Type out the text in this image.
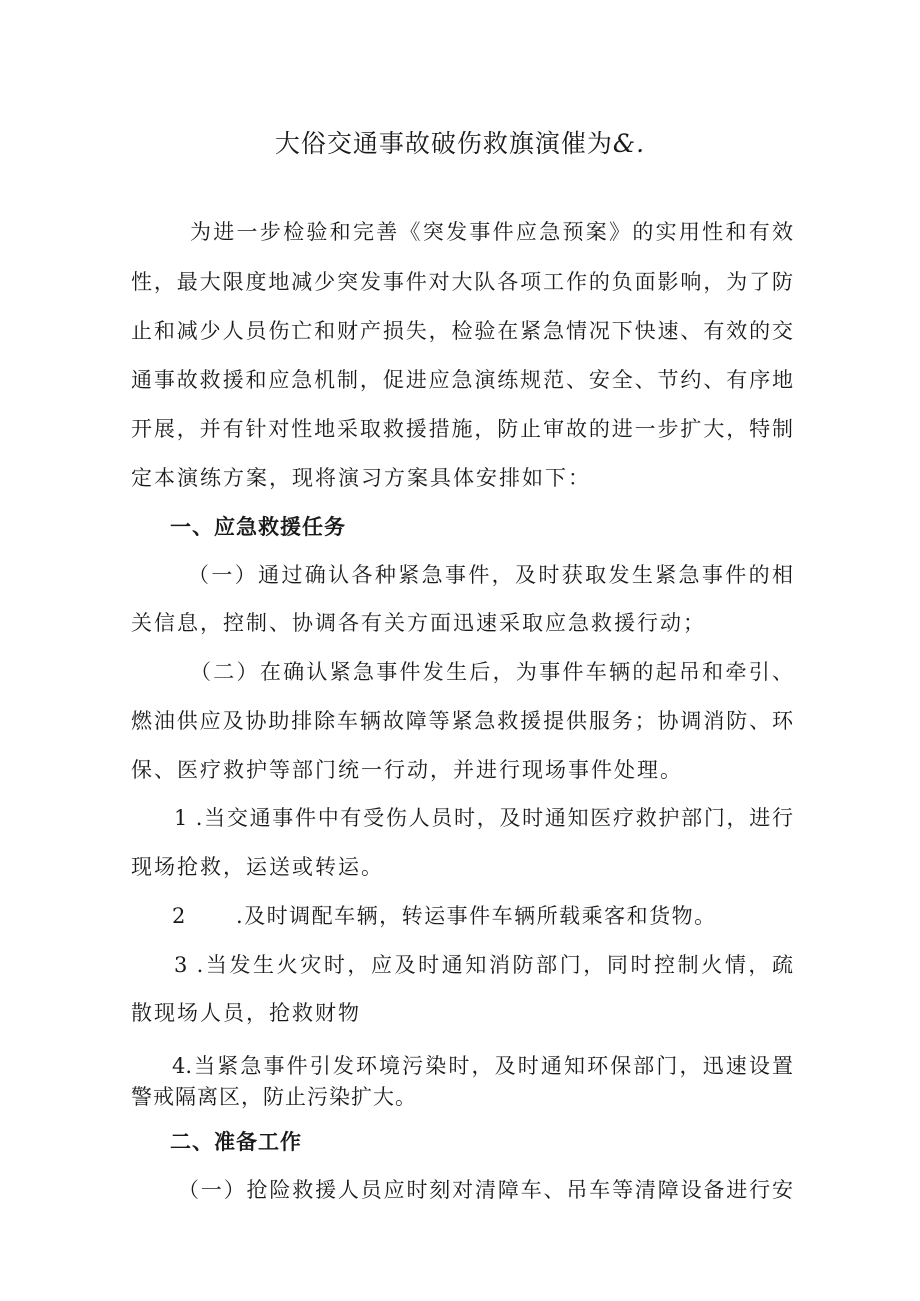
大俗交通事故破伤救旗演催为&.
为进一步检验和完善《突发事件应急预案》的实用性和有效
性，最大限度地减少突发事件对大队各项工作的负面影响，为了防
止和减少人员伤亡和财产损失，检验在紧急情况下快速、有效的交
通事故救援和应急机制，促进应急演练规范、安全、节约、有序地
开展，并有针对性地采取救援措施，防止审故的进一步扩大，特制
定本演练方案，现将演习方案具体安排如下：
一、应急救援任务
（一）通过确认各种紧急事件，及时获取发生紧急事件的相
关信息，控制、协调各有关方面迅速采取应急救援行动；
（二）在确认紧急事件发生后，为事件车辆的起吊和牵引、
燃油供应及协助排除车辆故障等紧急救援提供服务；协调消防、环
保、医疗救护等部门统一行动，并进行现场事件处理。
1 .当交通事件中有受伤人员时，及时通知医疗救护部门，进行
现场抢救，运送或转运。
2 .及时调配车辆，转运事件车辆所载乘客和货物。
3 .当发生火灾时，应及时通知消防部门，同时控制火情，疏
散现场人员，抢救财物
4.当紧急事件引发环境污染时，及时通知环保部门，迅速设置
警戒隔离区，防止污染扩大。
二、准备工作
（一）抢险救援人员应时刻对清障车、吊车等清障设备进行安
